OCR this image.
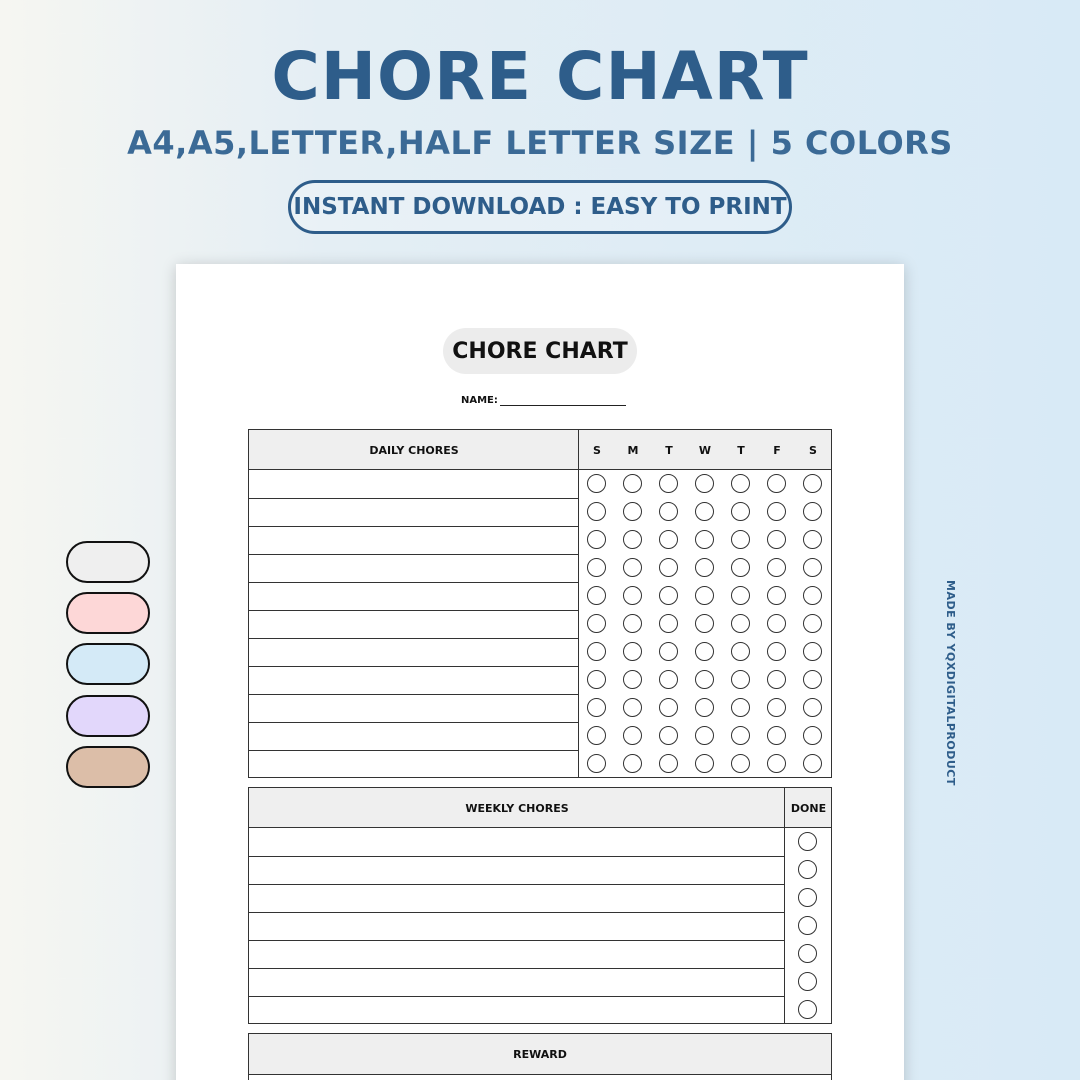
CHORE CHART
A4,A5,LETTER,HALF LETTER SIZE | 5 COLORS
INSTANT DOWNLOAD : EASY TO PRINT
MADE BY YQXDIGITALPRODUCT
CHORE CHART
NAME:
DAILY CHORES	S	M	T	W	T	F	S
WEEKLY CHORES	DONE
REWARD
